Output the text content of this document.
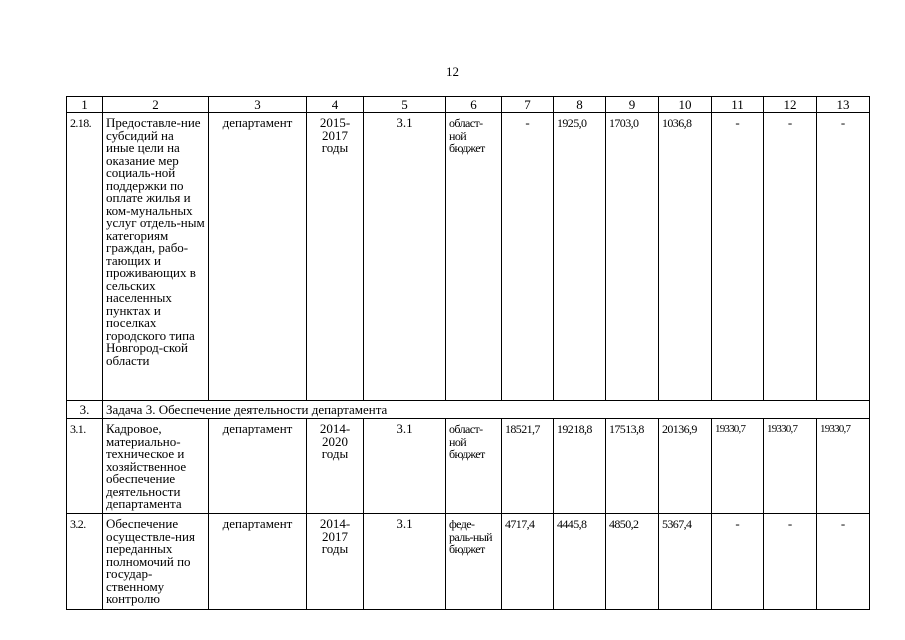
12
1	2	3	4	5	6	7	8	9	10	11	12	13
2.18.	Предоставле-ние субсидий на иные цели на оказание мер социаль-ной поддержки по оплате жилья и ком-мунальных услуг отдель-ным категориям граждан, рабо-тающих и проживающих в сельских населенных пунктах и поселках городского типа Новгород-ской области	департамент	2015-2017 годы	3.1	област-ной бюджет	-	1925,0	1703,0	1036,8	-	-	-
3.	Задача 3. Обеспечение деятельности департамента											
3.1.	Кадровое, материально-техническое и хозяйственное обеспечение деятельности департамента	департамент	2014-2020 годы	3.1	област-ной бюджет	18521,7	19218,8	17513,8	20136,9	19330,7	19330,7	19330,7
3.2.	Обеспечение осуществле-ния переданных полномочий по государ-ственному контролю	департамент	2014-2017 годы	3.1	феде-раль-ный бюджет	4717,4	4445,8	4850,2	5367,4	-	-	-
